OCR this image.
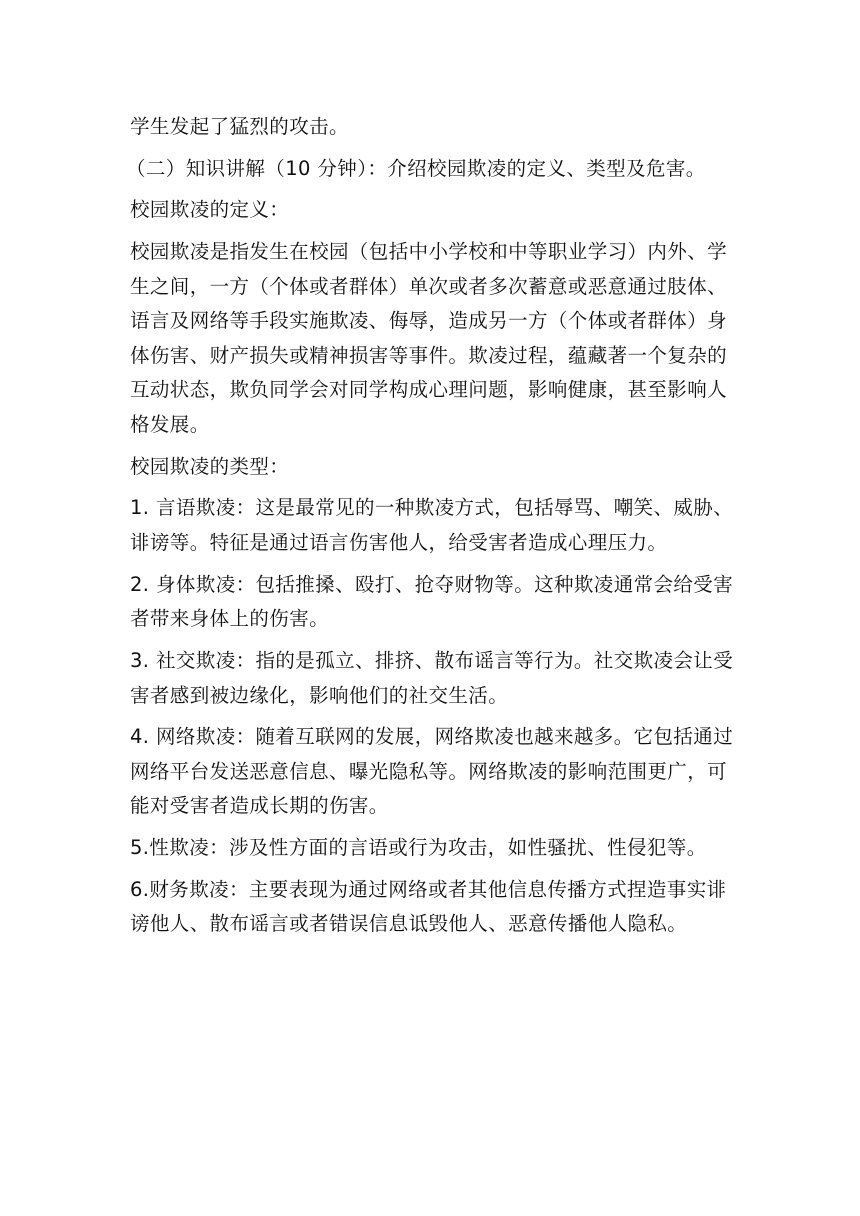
学生发起了猛烈的攻击。

（二）知识讲解（10 分钟）：介绍校园欺凌的定义、类型及危害。

校园欺凌的定义：

校园欺凌是指发生在校园（包括中小学校和中等职业学习）内外、学

生之间，一方（个体或者群体）单次或者多次蓄意或恶意通过肢体、

语言及网络等手段实施欺凌、侮辱，造成另一方（个体或者群体）身

体伤害、财产损失或精神损害等事件。欺凌过程，蕴藏著一个复杂的

互动状态，欺负同学会对同学构成心理问题，影响健康，甚至影响人

格发展。

校园欺凌的类型：

1. 言语欺凌：这是最常见的一种欺凌方式，包括辱骂、嘲笑、威胁、

诽谤等。特征是通过语言伤害他人，给受害者造成心理压力。

2. 身体欺凌：包括推搡、殴打、抢夺财物等。这种欺凌通常会给受害

者带来身体上的伤害。

3. 社交欺凌：指的是孤立、排挤、散布谣言等行为。社交欺凌会让受

害者感到被边缘化，影响他们的社交生活。

4. 网络欺凌：随着互联网的发展，网络欺凌也越来越多。它包括通过

网络平台发送恶意信息、曝光隐私等。网络欺凌的影响范围更广，可

能对受害者造成长期的伤害。

5.性欺凌：涉及性方面的言语或行为攻击，如性骚扰、性侵犯等。

6.财务欺凌：主要表现为通过网络或者其他信息传播方式捏造事实诽

谤他人、散布谣言或者错误信息诋毁他人、恶意传播他人隐私。
